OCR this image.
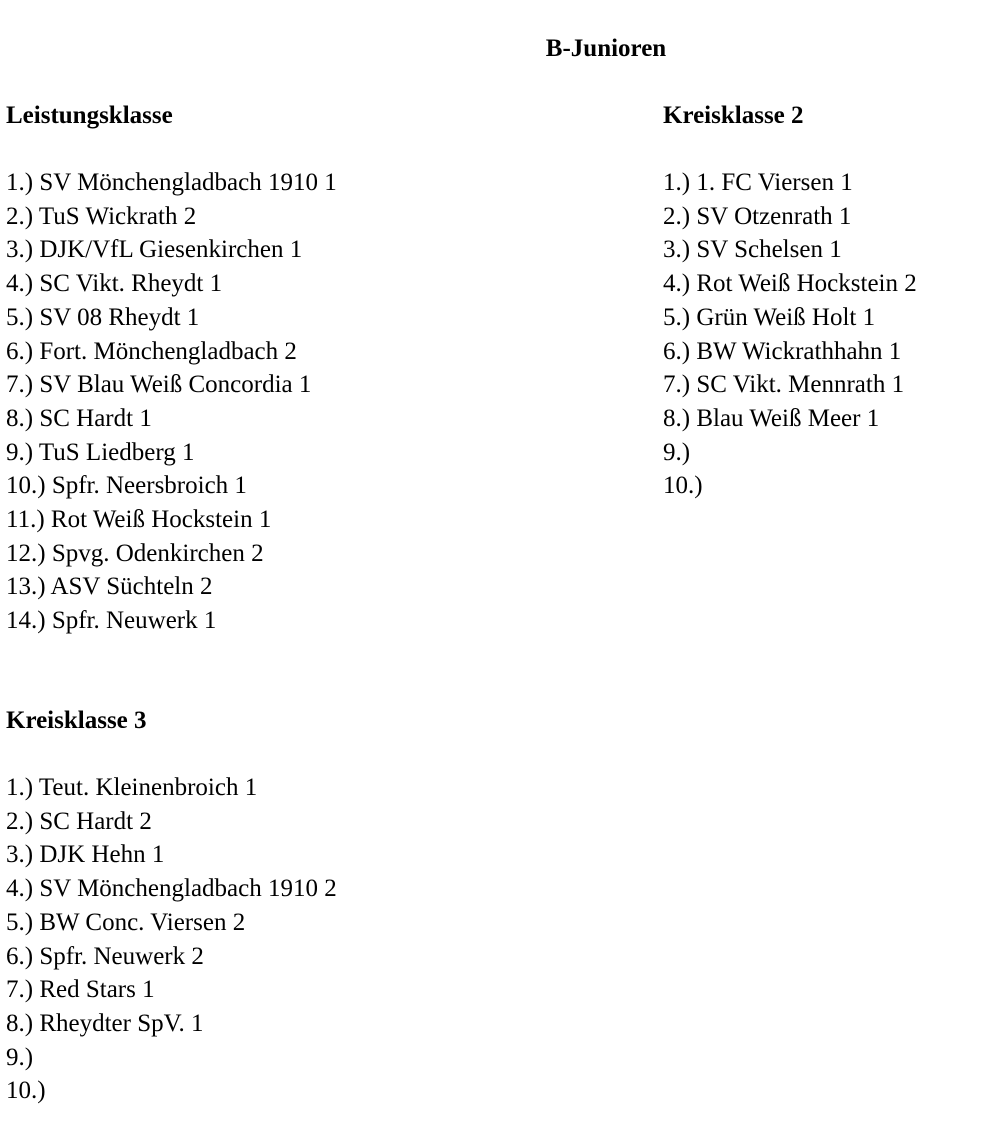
B-Junioren
Leistungsklasse
1.) SV Mönchengladbach 1910 1
2.) TuS Wickrath 2
3.) DJK/VfL Giesenkirchen 1
4.) SC Vikt. Rheydt 1
5.) SV 08 Rheydt 1
6.) Fort. Mönchengladbach 2
7.) SV Blau Weiß Concordia 1
8.) SC Hardt 1
9.) TuS Liedberg 1
10.) Spfr. Neersbroich 1
11.) Rot Weiß Hockstein 1
12.) Spvg. Odenkirchen 2
13.) ASV Süchteln 2
14.) Spfr. Neuwerk 1
Kreisklasse 2
1.) 1. FC Viersen 1
2.) SV Otzenrath 1
3.) SV Schelsen 1
4.) Rot Weiß Hockstein 2
5.) Grün Weiß Holt 1
6.) BW Wickrathhahn 1
7.) SC Vikt. Mennrath 1
8.) Blau Weiß Meer 1
9.)
10.)
Kreisklasse 3
1.) Teut. Kleinenbroich 1
2.) SC Hardt 2
3.) DJK Hehn 1
4.) SV Mönchengladbach 1910 2
5.) BW Conc. Viersen 2
6.) Spfr. Neuwerk 2
7.) Red Stars 1
8.) Rheydter SpV. 1
9.)
10.)
